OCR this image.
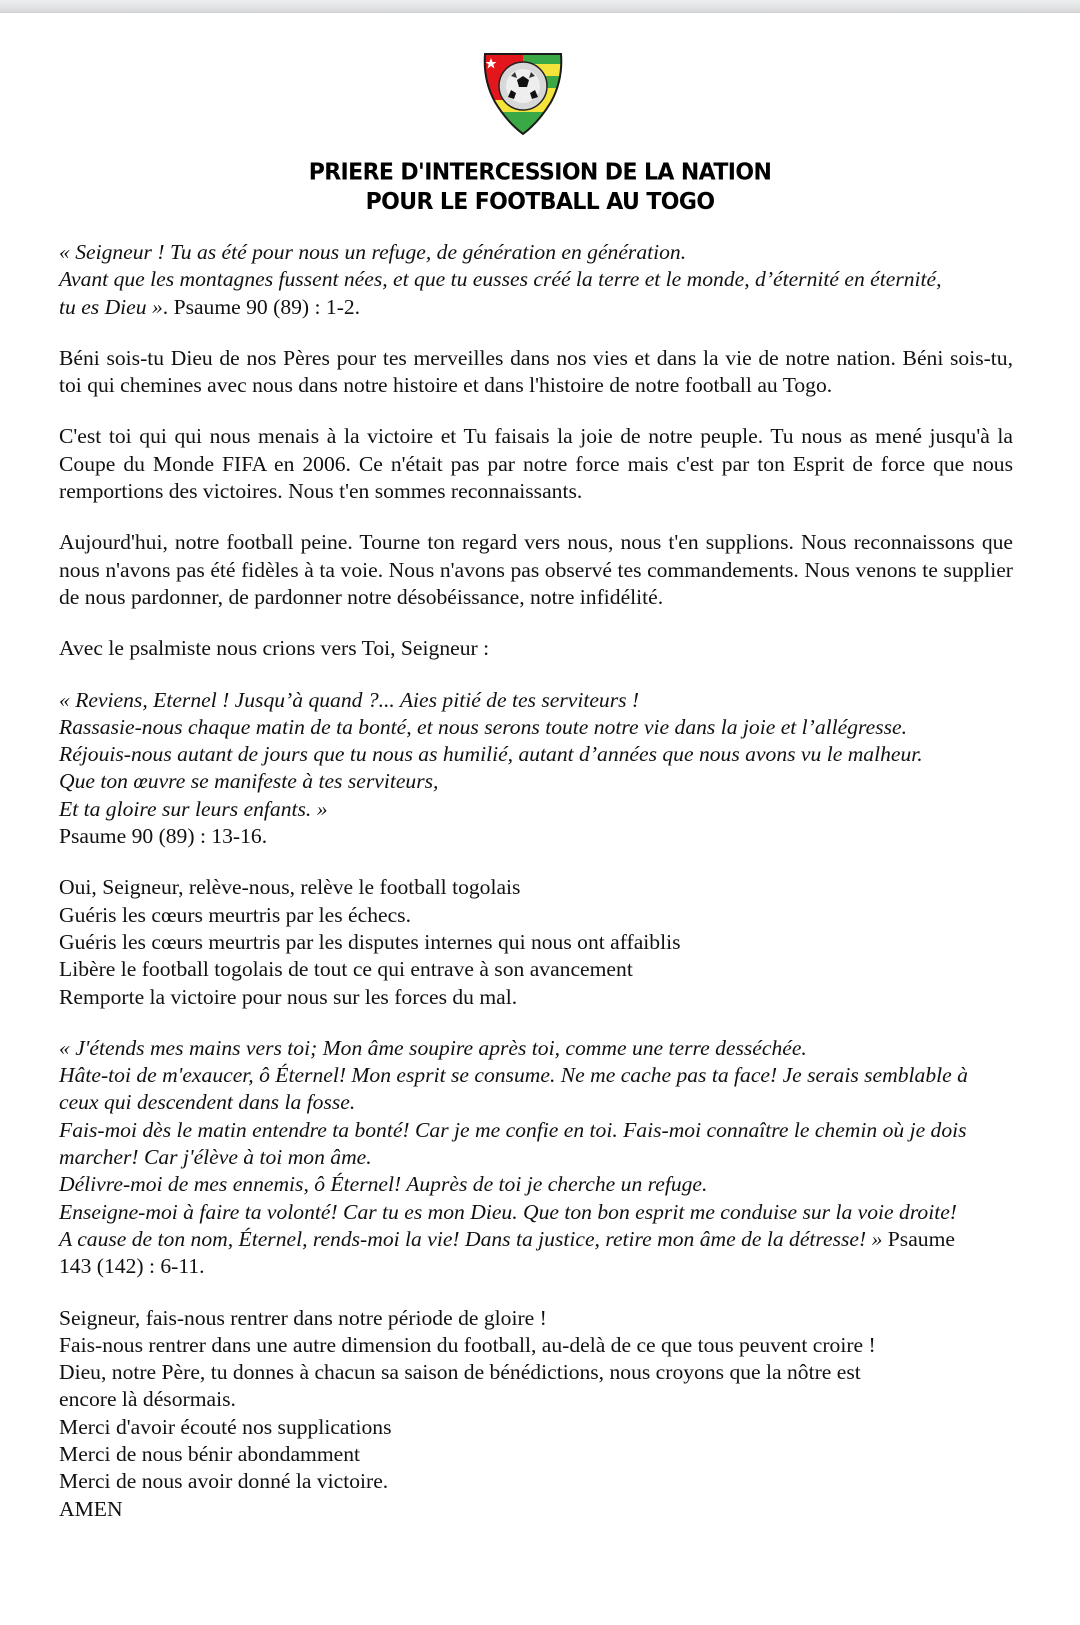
PRIERE D'INTERCESSION DE LA NATION
POUR LE FOOTBALL AU TOGO
« Seigneur ! Tu as été pour nous un refuge, de génération en génération.
Avant que les montagnes fussent nées, et que tu eusses créé la terre et le monde, d’éternité en éternité,
tu es Dieu ». Psaume 90 (89) : 1-2.

Béni sois-tu Dieu de nos Pères pour tes merveilles dans nos vies et dans la vie de notre nation. Béni sois-tu, toi qui chemines avec nous dans notre histoire et dans l'histoire de notre football au Togo.

C'est toi qui qui nous menais à la victoire et Tu faisais la joie de notre peuple. Tu nous as mené jusqu'à la Coupe du Monde FIFA en 2006. Ce n'était pas par notre force mais c'est par ton Esprit de force que nous remportions des victoires. Nous t'en sommes reconnaissants.

Aujourd'hui, notre football peine. Tourne ton regard vers nous, nous t'en supplions. Nous reconnaissons que nous n'avons pas été fidèles à ta voie. Nous n'avons pas observé tes commandements. Nous venons te supplier de nous pardonner, de pardonner notre désobéissance, notre infidélité.

Avec le psalmiste nous crions vers Toi, Seigneur :

« Reviens, Eternel ! Jusqu’à quand ?... Aies pitié de tes serviteurs !
Rassasie-nous chaque matin de ta bonté, et nous serons toute notre vie dans la joie et l’allégresse.
Réjouis-nous autant de jours que tu nous as humilié, autant d’années que nous avons vu le malheur.
Que ton œuvre se manifeste à tes serviteurs,
Et ta gloire sur leurs enfants. »
Psaume 90 (89) : 13-16.
Oui, Seigneur, relève-nous, relève le football togolais
Guéris les cœurs meurtris par les échecs.
Guéris les cœurs meurtris par les disputes internes qui nous ont affaiblis
Libère le football togolais de tout ce qui entrave à son avancement
Remporte la victoire pour nous sur les forces du mal.
« J'étends mes mains vers toi; Mon âme soupire après toi, comme une terre desséchée.
Hâte-toi de m'exaucer, ô Éternel! Mon esprit se consume. Ne me cache pas ta face! Je serais semblable à
ceux qui descendent dans la fosse.
Fais-moi dès le matin entendre ta bonté! Car je me confie en toi. Fais-moi connaître le chemin où je dois
marcher! Car j'élève à toi mon âme.
Délivre-moi de mes ennemis, ô Éternel! Auprès de toi je cherche un refuge.
Enseigne-moi à faire ta volonté! Car tu es mon Dieu. Que ton bon esprit me conduise sur la voie droite!
A cause de ton nom, Éternel, rends-moi la vie! Dans ta justice, retire mon âme de la détresse! » Psaume
143 (142) : 6-11.
Seigneur, fais-nous rentrer dans notre période de gloire !
Fais-nous rentrer dans une autre dimension du football, au-delà de ce que tous peuvent croire !
Dieu, notre Père, tu donnes à chacun sa saison de bénédictions, nous croyons que la nôtre est
encore là désormais.
Merci d'avoir écouté nos supplications
Merci de nous bénir abondamment
Merci de nous avoir donné la victoire.
AMEN
